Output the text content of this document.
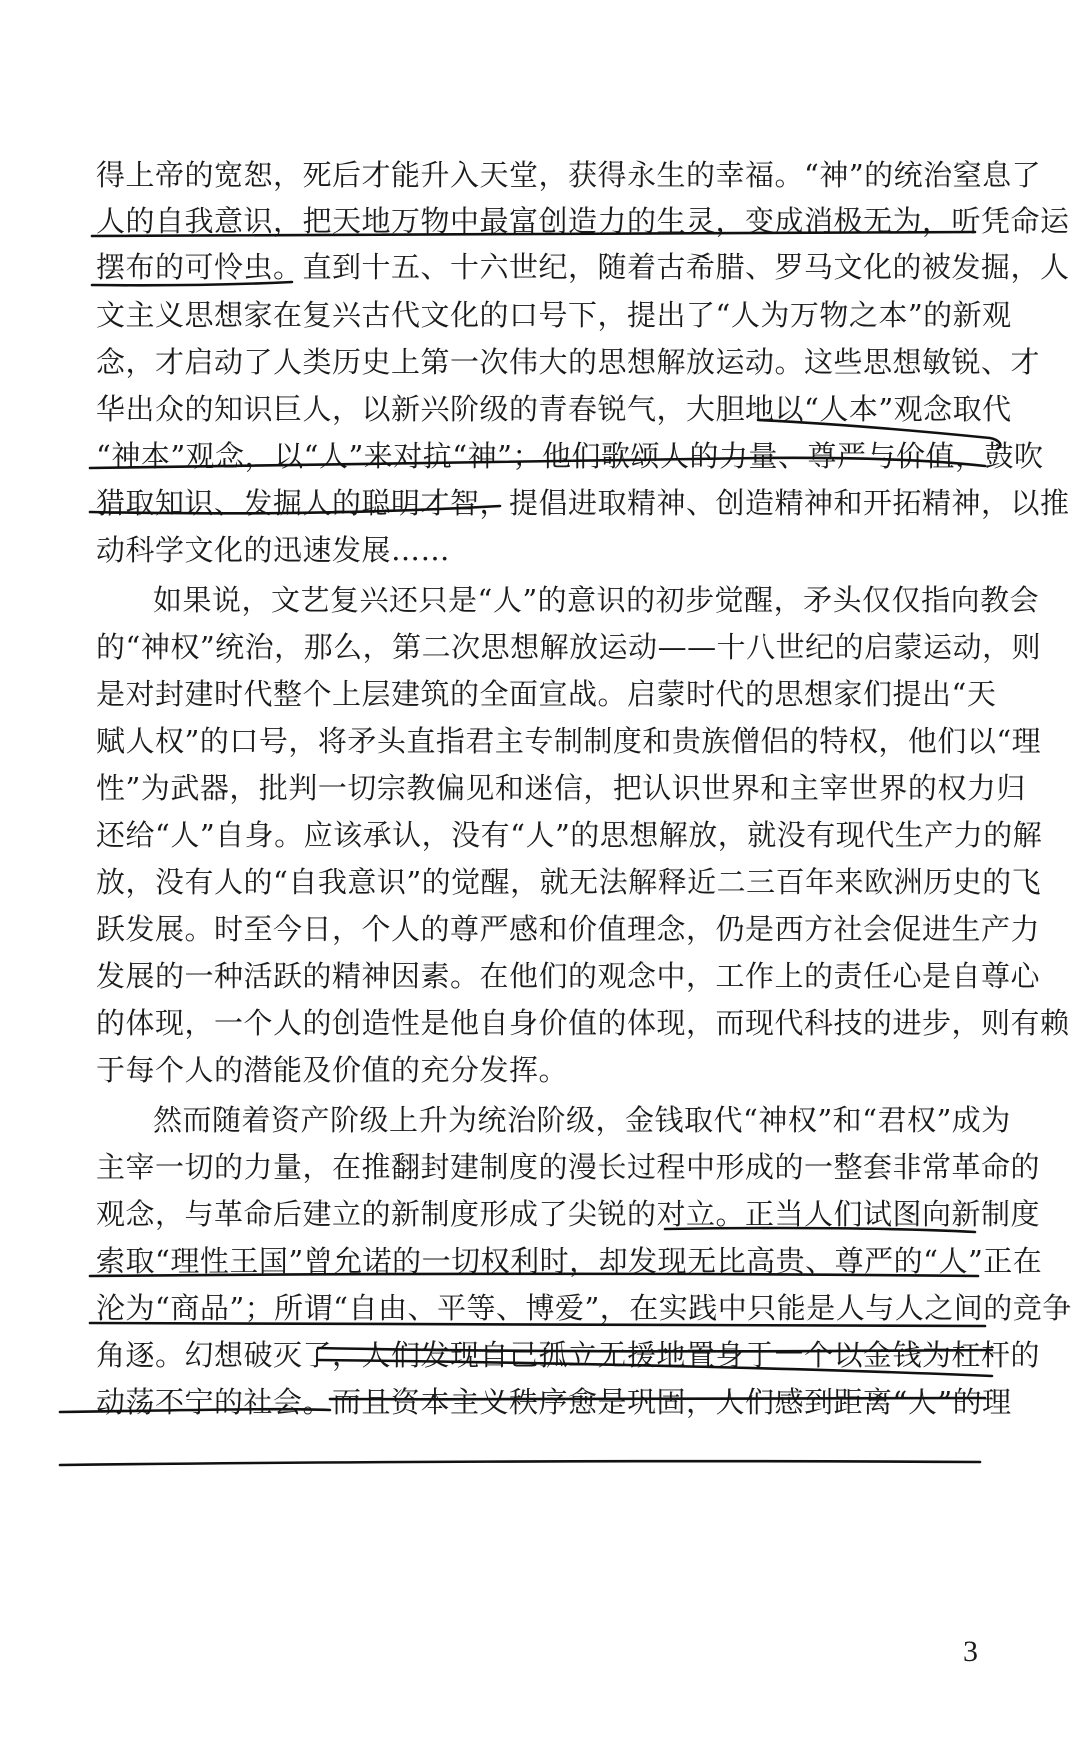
得上帝的宽恕，死后才能升入天堂，获得永生的幸福。“神”的统治窒息了
人的自我意识，把天地万物中最富创造力的生灵，变成消极无为，听凭命运
摆布的可怜虫。直到十五、十六世纪，随着古希腊、罗马文化的被发掘，人
文主义思想家在复兴古代文化的口号下，提出了“人为万物之本”的新观
念，才启动了人类历史上第一次伟大的思想解放运动。这些思想敏锐、才
华出众的知识巨人，以新兴阶级的青春锐气，大胆地以“人本”观念取代
“神本”观念，以“人”来对抗“神”；他们歌颂人的力量、尊严与价值，鼓吹
猎取知识、发掘人的聪明才智，提倡进取精神、创造精神和开拓精神，以推
动科学文化的迅速发展……
如果说，文艺复兴还只是“人”的意识的初步觉醒，矛头仅仅指向教会
的“神权”统治，那么，第二次思想解放运动——十八世纪的启蒙运动，则
是对封建时代整个上层建筑的全面宣战。启蒙时代的思想家们提出“天
赋人权”的口号，将矛头直指君主专制制度和贵族僧侣的特权，他们以“理
性”为武器，批判一切宗教偏见和迷信，把认识世界和主宰世界的权力归
还给“人”自身。应该承认，没有“人”的思想解放，就没有现代生产力的解
放，没有人的“自我意识”的觉醒，就无法解释近二三百年来欧洲历史的飞
跃发展。时至今日，个人的尊严感和价值理念，仍是西方社会促进生产力
发展的一种活跃的精神因素。在他们的观念中，工作上的责任心是自尊心
的体现，一个人的创造性是他自身价值的体现，而现代科技的进步，则有赖
于每个人的潜能及价值的充分发挥。
然而随着资产阶级上升为统治阶级，金钱取代“神权”和“君权”成为
主宰一切的力量，在推翻封建制度的漫长过程中形成的一整套非常革命的
观念，与革命后建立的新制度形成了尖锐的对立。正当人们试图向新制度
索取“理性王国”曾允诺的一切权利时，却发现无比高贵、尊严的“人”正在
沦为“商品”；所谓“自由、平等、博爱”，在实践中只能是人与人之间的竞争
角逐。幻想破灭了，人们发现自己孤立无援地置身于一个以金钱为杠杆的
动荡不宁的社会。而且资本主义秩序愈是巩固，人们感到距离“人”的理
3
